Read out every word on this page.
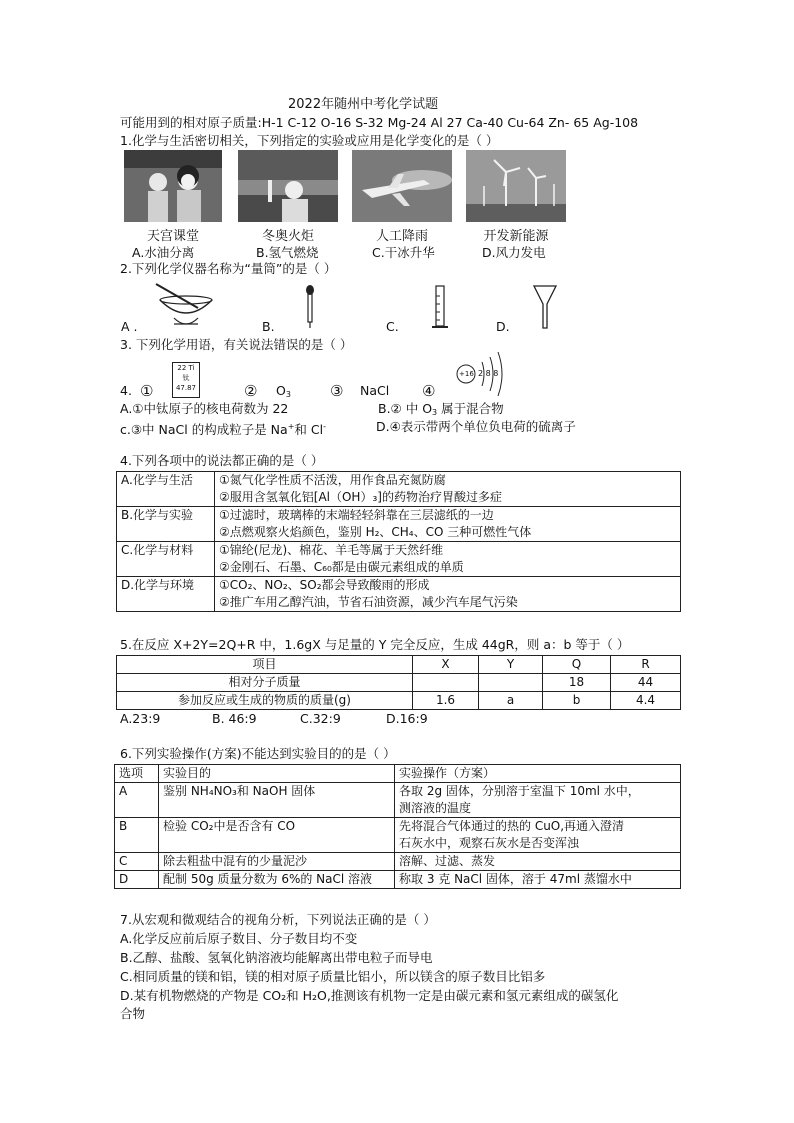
2022年随州中考化学试题
可能用到的相对原子质量:H-1 C-12 O-16 S-32 Mg-24 Al 27 Ca-40 Cu-64 Zn- 65 Ag-108
1.化学与生活密切相关，下列指定的实验或应用是化学变化的是（ ）
天宫课堂	冬奥火炬	人工降雨	开发新能源
A.水油分离	B.氢气燃烧	C.干冰升华	D.风力发电
2.下列化学仪器名称为“量筒”的是（ ）
A .	B.	C.	D.
3. 下列化学用语，有关说法错误的是（ ）
4. ①
22 Ti
钛
47.87	② $O_3$	③ NaCl ④
+16 2 8 8
A.①中钛原子的核电荷数为 22	B.② 中 $O_3$ 属于混合物
c.③中 NaCl 的构成粒子是 Na+和 Cl-	D.④表示带两个单位负电荷的硫离子
4.下列各项中的说法都正确的是（ ）
A.化学与生活	①氮气化学性质不活泼，用作食品充氮防腐
	②服用含氢氧化铝[Al（OH）₃]的药物治疗胃酸过多症
B.化学与实验	①过滤时，玻璃棒的末端轻轻斜靠在三层滤纸的一边
	②点燃观察火焰颜色，鉴别 H₂、CH₄、CO 三种可燃性气体
C.化学与材料	①锦纶(尼龙)、棉花、羊毛等属于天然纤维
	②金刚石、石墨、C₆₀都是由碳元素组成的单质
D.化学与环境	①CO₂、NO₂、SO₂都会导致酸雨的形成
	②推广车用乙醇汽油，节省石油资源，减少汽车尾气污染
5.在反应 X+2Y=2Q+R 中，1.6gX 与足量的 Y 完全反应，生成 44gR，则 a：b 等于（ ）
项目	X	Y	Q	R
相对分子质量			18	44
参加反应或生成的物质的质量(g)	1.6	a	b	4.4
A.23:9	B. 46:9	C.32:9	D.16:9
6.下列实验操作(方案)不能达到实验目的的是（ ）
选项	实验目的	实验操作（方案）
A	鉴别 NH₄NO₃和 NaOH 固体	各取 2g 固体，分别溶于室温下 10ml 水中，
测溶液的温度

B	检验 CO₂中是否含有 CO	先将混合气体通过的热的 CuO,再通入澄清
石灰水中，观察石灰水是否变浑浊

C	除去粗盐中混有的少量泥沙	溶解、过滤、蒸发
D	配制 50g 质量分数为 6%的 NaCl 溶液	称取 3 克 NaCl 固体，溶于 47ml 蒸馏水中
7.从宏观和微观结合的视角分析，下列说法正确的是（ ）
A.化学反应前后原子数目、分子数目均不变
B.乙醇、盐酸、氢氧化钠溶液均能解离出带电粒子而导电
C.相同质量的镁和铝，镁的相对原子质量比铝小，所以镁含的原子数目比铝多
D.某有机物燃烧的产物是 CO₂和 H₂O,推测该有机物一定是由碳元素和氢元素组成的碳氢化
合物
